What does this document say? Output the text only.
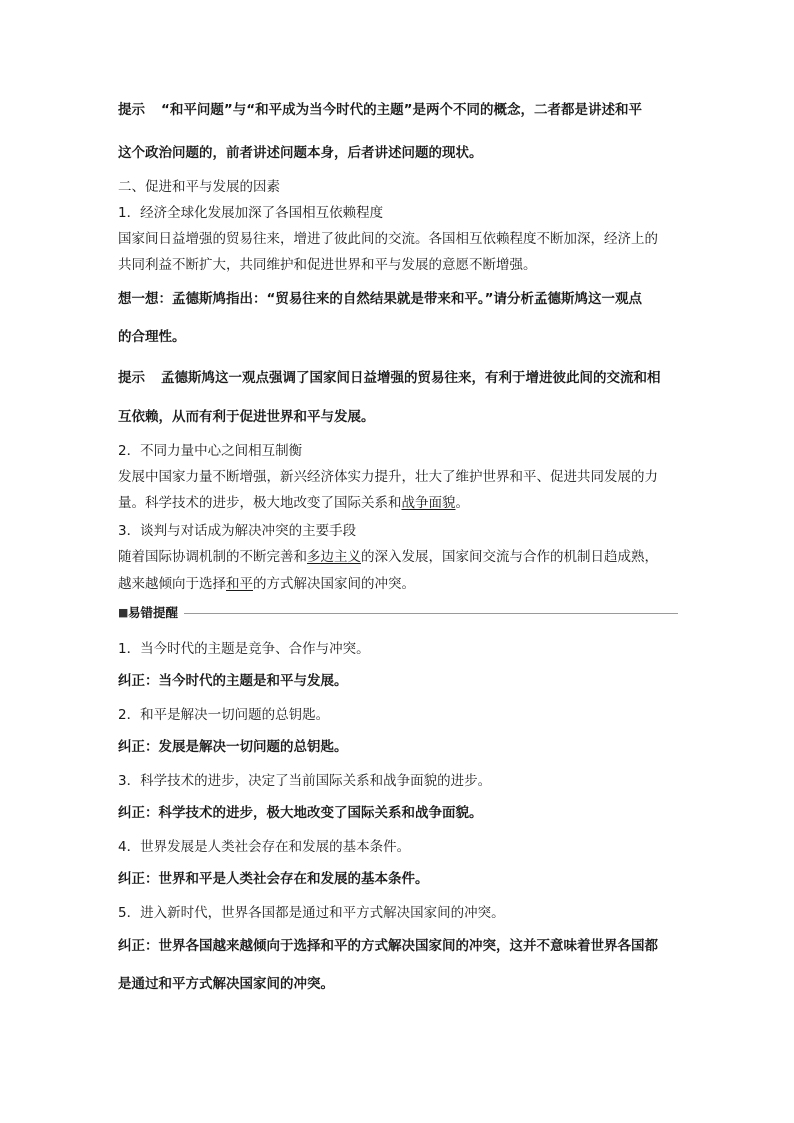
提示 “和平问题”与“和平成为当今时代的主题”是两个不同的概念，二者都是讲述和平
这个政治问题的，前者讲述问题本身，后者讲述问题的现状。
二、促进和平与发展的因素
1．经济全球化发展加深了各国相互依赖程度
国家间日益增强的贸易往来，增进了彼此间的交流。各国相互依赖程度不断加深，经济上的
共同利益不断扩大，共同维护和促进世界和平与发展的意愿不断增强。
想一想：孟德斯鸠指出：“贸易往来的自然结果就是带来和平。”请分析孟德斯鸠这一观点
的合理性。
提示 孟德斯鸠这一观点强调了国家间日益增强的贸易往来，有利于增进彼此间的交流和相
互依赖，从而有利于促进世界和平与发展。
2．不同力量中心之间相互制衡
发展中国家力量不断增强，新兴经济体实力提升，壮大了维护世界和平、促进共同发展的力
量。科学技术的进步，极大地改变了国际关系和战争面貌。
3．谈判与对话成为解决冲突的主要手段
随着国际协调机制的不断完善和多边主义的深入发展，国家间交流与合作的机制日趋成熟，
越来越倾向于选择和平的方式解决国家间的冲突。
■ 易错提醒
1．当今时代的主题是竞争、合作与冲突。
纠正：当今时代的主题是和平与发展。
2．和平是解决一切问题的总钥匙。
纠正：发展是解决一切问题的总钥匙。
3．科学技术的进步，决定了当前国际关系和战争面貌的进步。
纠正：科学技术的进步，极大地改变了国际关系和战争面貌。
4．世界发展是人类社会存在和发展的基本条件。
纠正：世界和平是人类社会存在和发展的基本条件。
5．进入新时代，世界各国都是通过和平方式解决国家间的冲突。
纠正：世界各国越来越倾向于选择和平的方式解决国家间的冲突，这并不意味着世界各国都
是通过和平方式解决国家间的冲突。
